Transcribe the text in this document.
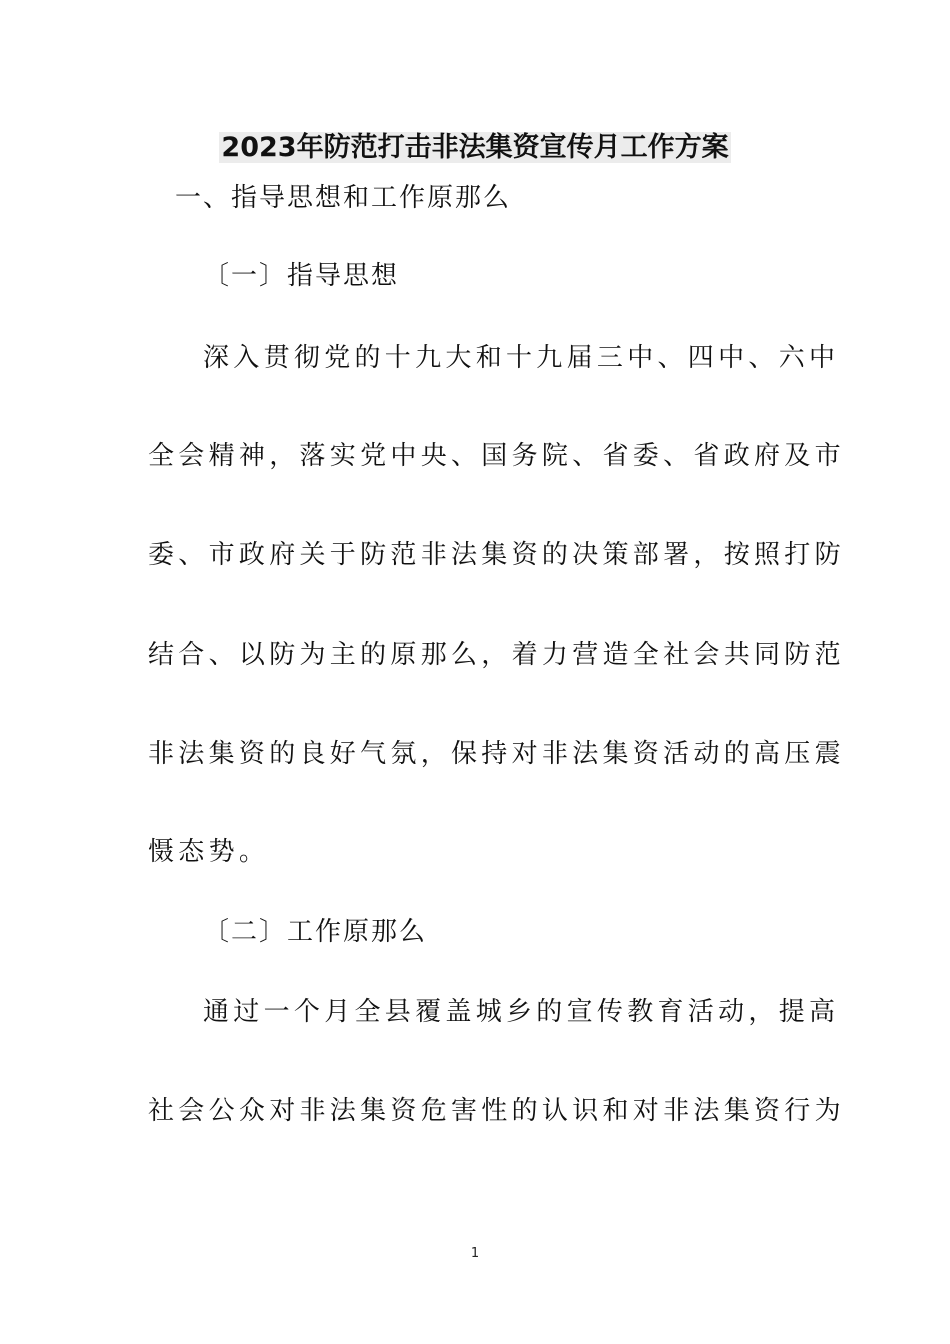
2023年防范打击非法集资宣传月工作方案
一、指导思想和工作原那么
〔一〕指导思想
深入贯彻党的十九大和十九届三中、四中、六中
全会精神，落实党中央、国务院、省委、省政府及市
委、市政府关于防范非法集资的决策部署，按照打防
结合、以防为主的原那么，着力营造全社会共同防范
非法集资的良好气氛，保持对非法集资活动的高压震
慑态势。
〔二〕工作原那么
通过一个月全县覆盖城乡的宣传教育活动，提高
社会公众对非法集资危害性的认识和对非法集资行为
1
